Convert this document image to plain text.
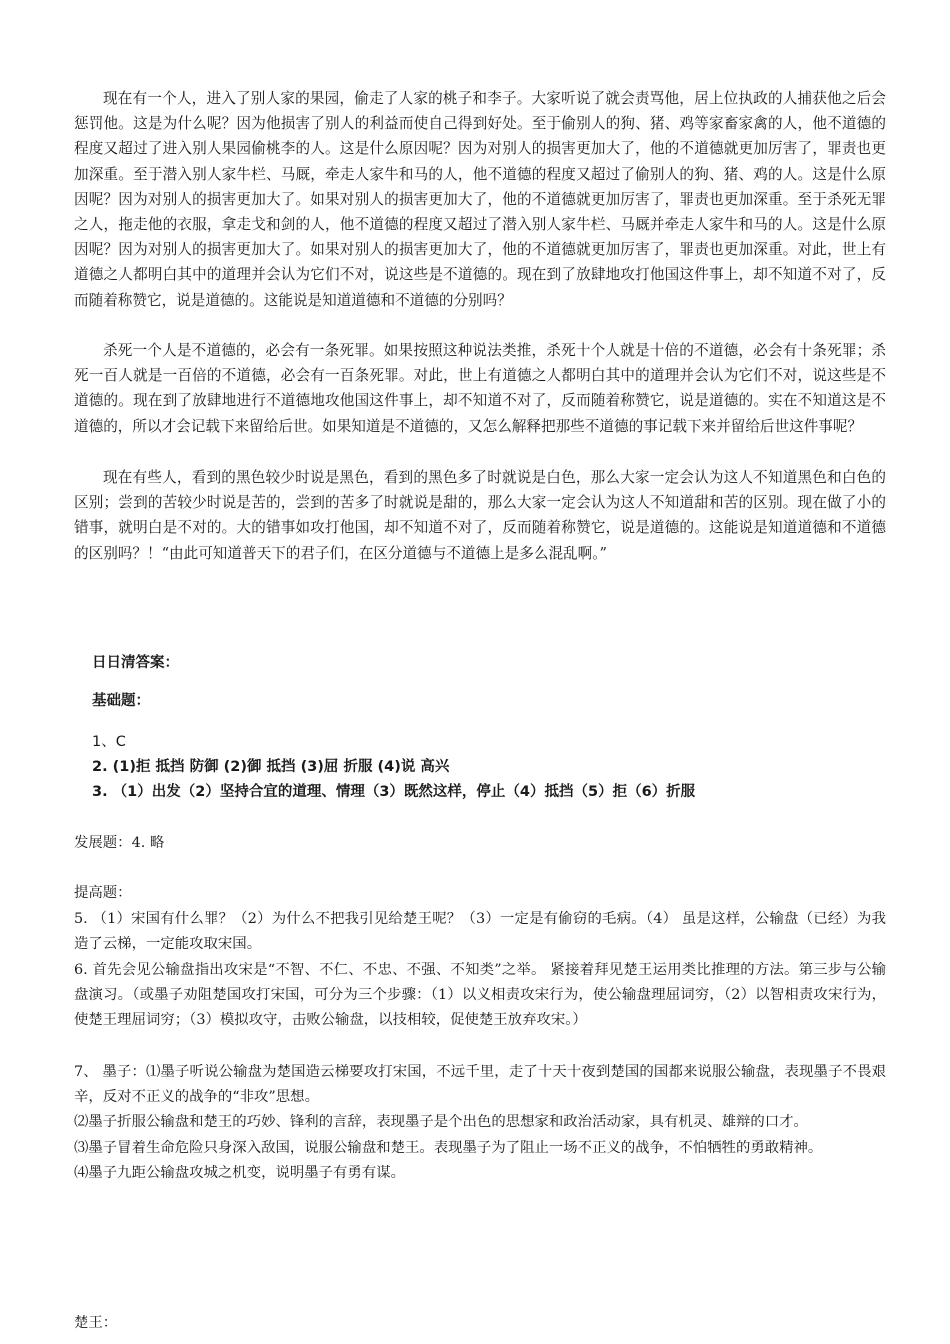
现在有一个人，进入了别人家的果园，偷走了人家的桃子和李子。大家听说了就会责骂他，居上位执政的人捕获他之后会惩罚他。这是为什么呢？因为他损害了别人的利益而使自己得到好处。至于偷别人的狗、猪、鸡等家畜家禽的人，他不道德的程度又超过了进入别人果园偷桃李的人。这是什么原因呢？因为对别人的损害更加大了，他的不道德就更加厉害了，罪责也更加深重。至于潜入别人家牛栏、马厩，牵走人家牛和马的人，他不道德的程度又超过了偷别人的狗、猪、鸡的人。这是什么原因呢？因为对别人的损害更加大了。如果对别人的损害更加大了，他的不道德就更加厉害了，罪责也更加深重。至于杀死无罪之人，拖走他的衣服，拿走戈和剑的人，他不道德的程度又超过了潜入别人家牛栏、马厩并牵走人家牛和马的人。这是什么原因呢？因为对别人的损害更加大了。如果对别人的损害更加大了，他的不道德就更加厉害了，罪责也更加深重。对此，世上有道德之人都明白其中的道理并会认为它们不对，说这些是不道德的。现在到了放肆地攻打他国这件事上，却不知道不对了，反而随着称赞它，说是道德的。这能说是知道道德和不道德的分别吗？

杀死一个人是不道德的，必会有一条死罪。如果按照这种说法类推，杀死十个人就是十倍的不道德，必会有十条死罪；杀死一百人就是一百倍的不道德，必会有一百条死罪。对此，世上有道德之人都明白其中的道理并会认为它们不对，说这些是不道德的。现在到了放肆地进行不道德地攻他国这件事上，却不知道不对了，反而随着称赞它，说是道德的。实在不知道这是不道德的，所以才会记载下来留给后世。如果知道是不道德的，又怎么解释把那些不道德的事记载下来并留给后世这件事呢？

现在有些人，看到的黑色较少时说是黑色，看到的黑色多了时就说是白色，那么大家一定会认为这人不知道黑色和白色的区别；尝到的苦较少时说是苦的，尝到的苦多了时就说是甜的，那么大家一定会认为这人不知道甜和苦的区别。现在做了小的错事，就明白是不对的。大的错事如攻打他国，却不知道不对了，反而随着称赞它，说是道德的。这能说是知道道德和不道德的区别吗？！“由此可知道普天下的君子们，在区分道德与不道德上是多么混乱啊。”

日日清答案：

基础题：

1、C

2. (1)拒 抵挡 防御 (2)御 抵挡 (3)屈 折服 (4)说 高兴

3. （1）出发（2）坚持合宜的道理、情理（3）既然这样，停止（4）抵挡（5）拒（6）折服

发展题：4. 略

提高题：

5. （1）宋国有什么罪？（2）为什么不把我引见给楚王呢？（3）一定是有偷窃的毛病。（4） 虽是这样，公输盘（已经）为我造了云梯，一定能攻取宋国。

6. 首先会见公输盘指出攻宋是“不智、不仁、不忠、不强、不知类”之举。 紧接着拜见楚王运用类比推理的方法。第三步与公输盘演习。（或墨子劝阻楚国攻打宋国，可分为三个步骤：（1）以义相责攻宋行为，使公输盘理屈词穷，（2）以智相责攻宋行为，使楚王理屈词穷；（3）模拟攻守，击败公输盘，以技相较，促使楚王放弃攻宋。）

7、 墨子：⑴墨子听说公输盘为楚国造云梯要攻打宋国，不远千里，走了十天十夜到楚国的国都来说服公输盘，表现墨子不畏艰辛，反对不正义的战争的“非攻”思想。

⑵墨子折服公输盘和楚王的巧妙、锋利的言辞，表现墨子是个出色的思想家和政治活动家，具有机灵、雄辩的口才。

⑶墨子冒着生命危险只身深入敌国，说服公输盘和楚王。表现墨子为了阻止一场不正义的战争，不怕牺牲的勇敢精神。

⑷墨子九距公输盘攻城之机变，说明墨子有勇有谋。

楚王：
